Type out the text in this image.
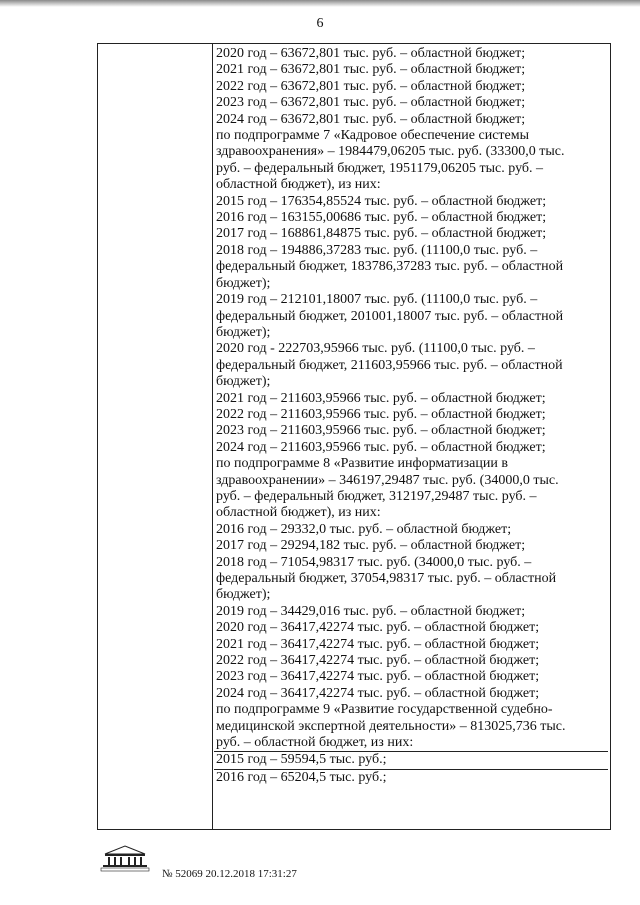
6
2020 год – 63672,801 тыс. руб. – областной бюджет;
2021 год – 63672,801 тыс. руб. – областной бюджет;
2022 год – 63672,801 тыс. руб. – областной бюджет;
2023 год – 63672,801 тыс. руб. – областной бюджет;
2024 год – 63672,801 тыс. руб. – областной бюджет;
по подпрограмме 7 «Кадровое обеспечение системы
здравоохранения» – 1984479,06205 тыс. руб. (33300,0 тыс.
руб. – федеральный бюджет, 1951179,06205 тыс. руб. –
областной бюджет), из них:
2015 год – 176354,85524 тыс. руб. – областной бюджет;
2016 год – 163155,00686 тыс. руб. – областной бюджет;
2017 год – 168861,84875 тыс. руб. – областной бюджет;
2018 год – 194886,37283 тыс. руб. (11100,0 тыс. руб. –
федеральный бюджет, 183786,37283 тыс. руб. – областной
бюджет);
2019 год – 212101,18007 тыс. руб. (11100,0 тыс. руб. –
федеральный бюджет, 201001,18007 тыс. руб. – областной
бюджет);
2020 год - 222703,95966 тыс. руб. (11100,0 тыс. руб. –
федеральный бюджет, 211603,95966 тыс. руб. – областной
бюджет);
2021 год – 211603,95966 тыс. руб. – областной бюджет;
2022 год – 211603,95966 тыс. руб. – областной бюджет;
2023 год – 211603,95966 тыс. руб. – областной бюджет;
2024 год – 211603,95966 тыс. руб. – областной бюджет;
по подпрограмме 8 «Развитие информатизации в
здравоохранении» – 346197,29487 тыс. руб. (34000,0 тыс.
руб. – федеральный бюджет, 312197,29487 тыс. руб. –
областной бюджет), из них:
2016 год – 29332,0 тыс. руб. – областной бюджет;
2017 год – 29294,182 тыс. руб. – областной бюджет;
2018 год – 71054,98317 тыс. руб. (34000,0 тыс. руб. –
федеральный бюджет, 37054,98317 тыс. руб. – областной
бюджет);
2019 год – 34429,016 тыс. руб. – областной бюджет;
2020 год – 36417,42274 тыс. руб. – областной бюджет;
2021 год – 36417,42274 тыс. руб. – областной бюджет;
2022 год – 36417,42274 тыс. руб. – областной бюджет;
2023 год – 36417,42274 тыс. руб. – областной бюджет;
2024 год – 36417,42274 тыс. руб. – областной бюджет;
по подпрограмме 9 «Развитие государственной судебно-
медицинской экспертной деятельности» – 813025,736 тыс.
руб. – областной бюджет, из них:
2015 год – 59594,5 тыс. руб.;
2016 год – 65204,5 тыс. руб.;
№ 52069 20.12.2018 17:31:27
